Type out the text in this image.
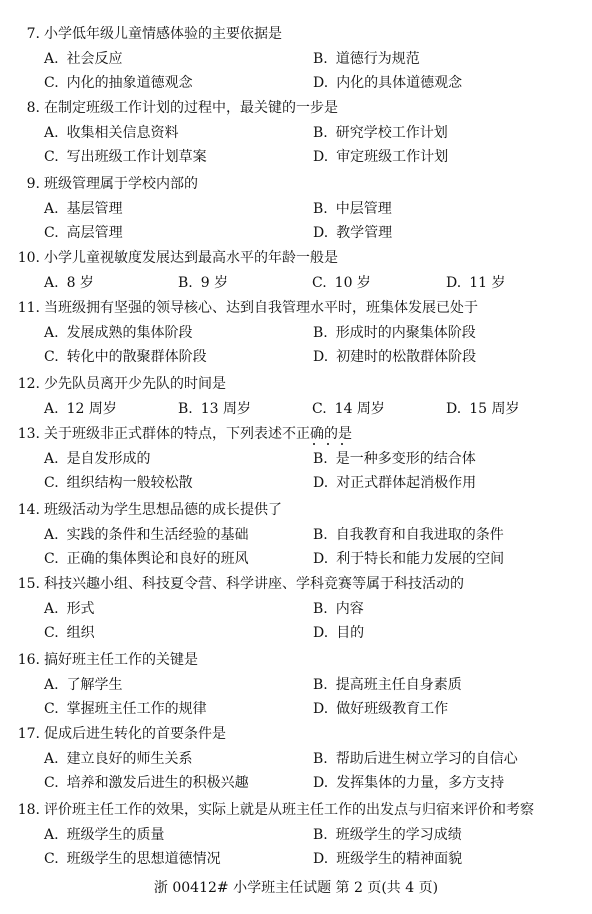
7. 小学低年级儿童情感体验的主要依据是
A. 社会反应	B. 道德行为规范
C. 内化的抽象道德观念	D. 内化的具体道德观念
8. 在制定班级工作计划的过程中，最关键的一步是
A. 收集相关信息资料	B. 研究学校工作计划
C. 写出班级工作计划草案	D. 审定班级工作计划
9. 班级管理属于学校内部的
A. 基层管理	B. 中层管理
C. 高层管理	D. 教学管理
10. 小学儿童视敏度发展达到最高水平的年龄一般是
A. 8 岁	B. 9 岁	C. 10 岁	D. 11 岁
11. 当班级拥有坚强的领导核心、达到自我管理水平时，班集体发展已处于
A. 发展成熟的集体阶段	B. 形成时的内聚集体阶段
C. 转化中的散聚群体阶段	D. 初建时的松散群体阶段
12. 少先队员离开少先队的时间是
A. 12 周岁	B. 13 周岁	C. 14 周岁	D. 15 周岁
13. 关于班级非正式群体的特点，下列表述不正确的是
A. 是自发形成的	B. 是一种多变形的结合体
C. 组织结构一般较松散	D. 对正式群体起消极作用
14. 班级活动为学生思想品德的成长提供了
A. 实践的条件和生活经验的基础	B. 自我教育和自我进取的条件
C. 正确的集体舆论和良好的班风	D. 利于特长和能力发展的空间
15. 科技兴趣小组、科技夏令营、科学讲座、学科竞赛等属于科技活动的
A. 形式	B. 内容
C. 组织	D. 目的
16. 搞好班主任工作的关键是
A. 了解学生	B. 提高班主任自身素质
C. 掌握班主任工作的规律	D. 做好班级教育工作
17. 促成后进生转化的首要条件是
A. 建立良好的师生关系	B. 帮助后进生树立学习的自信心
C. 培养和激发后进生的积极兴趣	D. 发挥集体的力量，多方支持
18. 评价班主任工作的效果，实际上就是从班主任工作的出发点与归宿来评价和考察
A. 班级学生的质量	B. 班级学生的学习成绩
C. 班级学生的思想道德情况	D. 班级学生的精神面貌
浙 00412# 小学班主任试题 第 2 页(共 4 页)
